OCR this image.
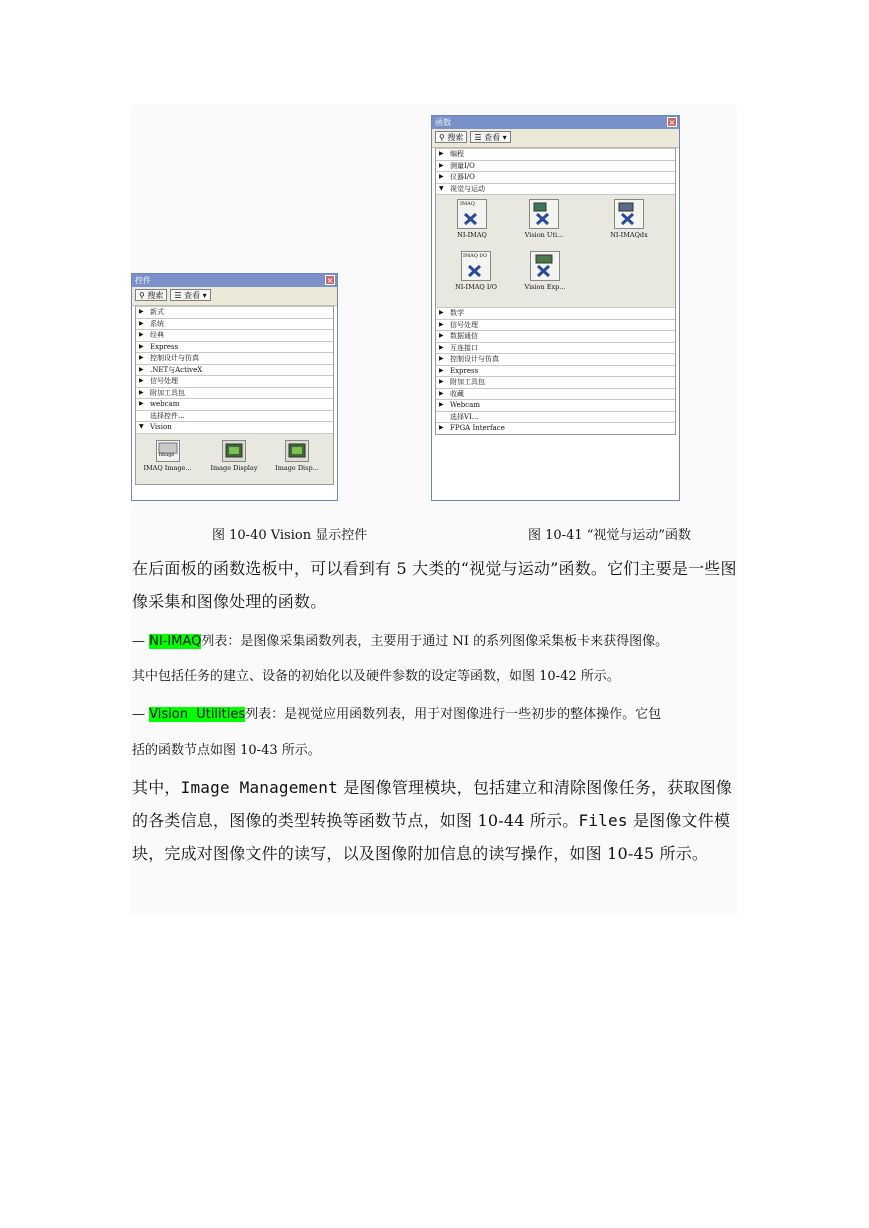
控件	×
⚲ 搜索	☰ 查看 ▾
▶ 新式
▶ 系统
▶ 经典
▶ Express
▶ 控制设计与仿真
▶ .NET与ActiveX
▶ 信号处理
▶ 附加工具包
▶ webcam
选择控件...
▼ Vision
Image

IMAQ Image...	Image Display	Image Disp...
函数	×
⚲ 搜索	☰ 查看 ▾
▶ 编程
▶ 测量I/O
▶ 仪器I/O
▼ 视觉与运动
IMAQ

NI-IMAQ	Vision Uti...	NI-IMAQdx
IMAQ I/O

NI-IMAQ I/O	Vision Exp...
▶ 数学
▶ 信号处理
▶ 数据通信
▶ 互连接口
▶ 控制设计与仿真
▶ Express
▶ 附加工具包
▶ 收藏
▶ Webcam
选择VI...
▶ FPGA Interface
图 10-40 Vision 显示控件	图 10-41 “视觉与运动”函数
在后面板的函数选板中，可以看到有 5 大类的“视觉与运动”函数。它们主要是一些图像采集和图像处理的函数。
— NI-IMAQ列表：是图像采集函数列表，主要用于通过 NI 的系列图像采集板卡来获得图像。
其中包括任务的建立、设备的初始化以及硬件参数的设定等函数，如图 10-42 所示。
— Vision  Utilities列表：是视觉应用函数列表，用于对图像进行一些初步的整体操作。它包
括的函数节点如图 10-43 所示。
其中，Image Management 是图像管理模块，包括建立和清除图像任务，获取图像的各类信息，图像的类型转换等函数节点，如图 10-44 所示。Files 是图像文件模块，完成对图像文件的读写，以及图像附加信息的读写操作，如图 10-45 所示。
